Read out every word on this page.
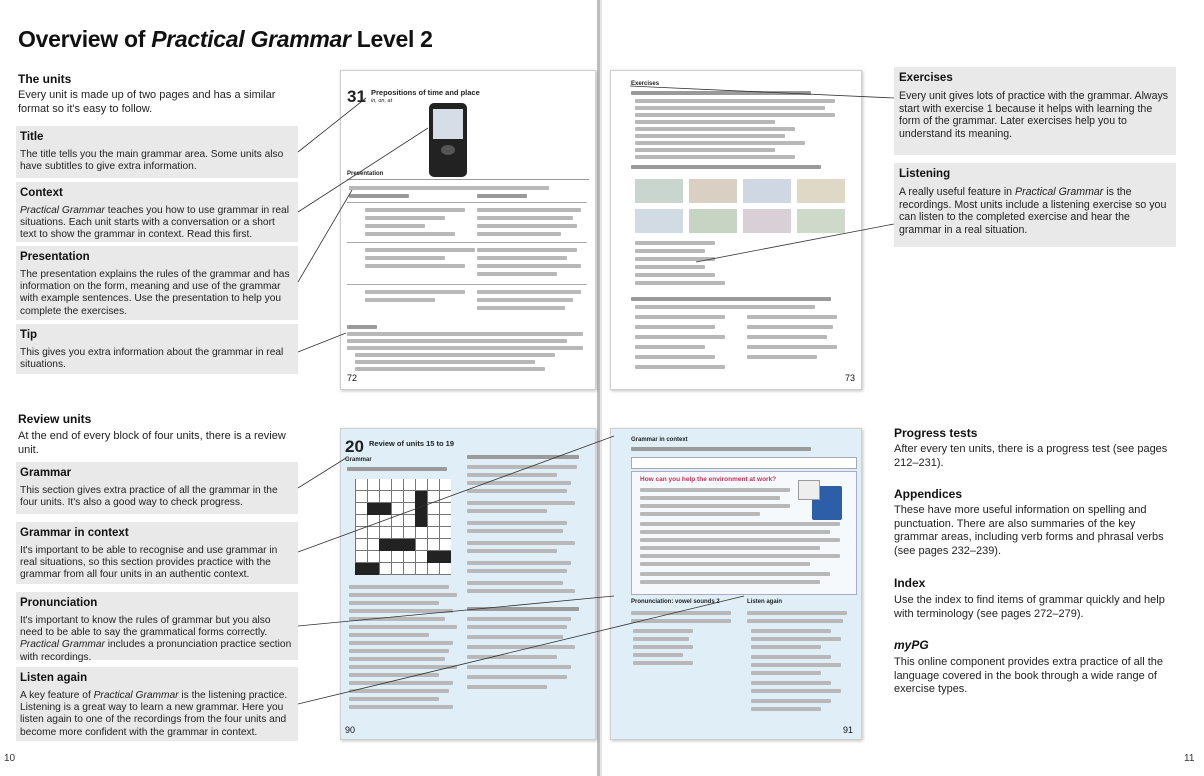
Overview of Practical Grammar Level 2
The units
Every unit is made up of two pages and has a similar format so it's easy to follow.
Title
The title tells you the main grammar area. Some units also have subtitles to give extra information.
Context
Practical Grammar teaches you how to use grammar in real situations. Each unit starts with a conversation or a short text to show the grammar in context. Read this first.
Presentation
The presentation explains the rules of the grammar and has information on the form, meaning and use of the grammar with example sentences. Use the presentation to help you complete the exercises.
Tip
This gives you extra information about the grammar in real situations.
Review units
At the end of every block of four units, there is a review unit.
Grammar
This section gives extra practice of all the grammar in the four units. It's also a good way to check progress.
Grammar in context
It's important to be able to recognise and use grammar in real situations, so this section provides practice with the grammar from all four units in an authentic context.
Pronunciation
It's important to know the rules of grammar but you also need to be able to say the grammatical forms correctly. Practical Grammar includes a pronunciation practice section with recordings.
Listen again
A key feature of Practical Grammar is the listening practice. Listening is a great way to learn a new grammar. Here you listen again to one of the recordings from the four units and become more confident with the grammar in context.
10
31 Prepositions of time and place
in, on, at
Presentation
72
20 Review of units 15 to 19
Grammar
90
Exercises
73
Grammar in context
How can you help the environment at work?
Pronunciation: vowel sounds 2	Listen again
91
Exercises
Every unit gives lots of practice with the grammar. Always start with exercise 1 because it helps with learning the form of the grammar. Later exercises help you to understand its meaning.
Listening
A really useful feature in Practical Grammar is the recordings. Most units include a listening exercise so you can listen to the completed exercise and hear the grammar in a real situation.
Progress tests
After every ten units, there is a progress test (see pages 212–231).
Appendices
These have more useful information on spelling and punctuation. There are also summaries of the key grammar areas, including verb forms and phrasal verbs (see pages 232–239).
Index
Use the index to find items of grammar quickly and help with terminology (see pages 272–279).
myPG
This online component provides extra practice of all the language covered in the book through a wide range of exercise types.
11
